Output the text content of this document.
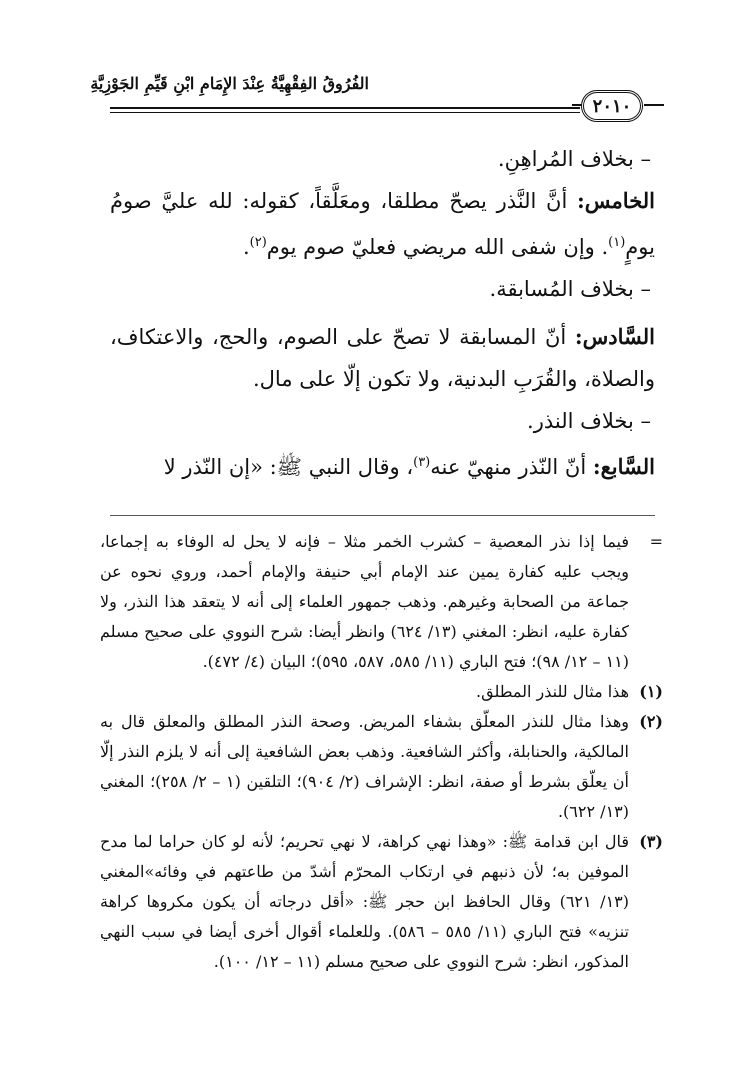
الفُرُوقُ الفِقْهِيَّةُ عِنْدَ الإِمَامِ ابْنِ قَيِّمِ الجَوْزِيَّةِ
٢٠١٠

– بخلاف المُراهِنِ.

الخامس: أنَّ النَّذر يصحّ مطلقا، ومعَلَّقاً، كقوله: لله عليَّ صومُ يومٍ$^{(١)}$. وإن شفى الله مريضي فعليّ صوم يوم$^{(٢)}$.

– بخلاف المُسابقة.

السَّادس: أنّ المسابقة لا تصحّ على الصوم، والحج، والاعتكاف، والصلاة، والقُرَبِ البدنية، ولا تكون إلّا على مال.

– بخلاف النذر.

السَّابع: أنّ النّذر منهيّ عنه$^{(٣)}$، وقال النبي ﷺ: «إن النّذر لا

=
فيما إذا نذر المعصية – كشرب الخمر مثلا – فإنه لا يحل له الوفاء به إجماعا، ويجب عليه كفارة يمين عند الإمام أبي حنيفة والإمام أحمد، وروي نحوه عن جماعة من الصحابة وغيرهم. وذهب جمهور العلماء إلى أنه لا يتعقد هذا النذر، ولا كفارة عليه، انظر: المغني (١٣/ ٦٢٤) وانظر أيضا: شرح النووي على صحيح مسلم (١١ – ١٢/ ٩٨)؛ فتح الباري (١١/ ٥٨٥، ٥٨٧، ٥٩٥)؛ البيان (٤/ ٤٧٢).
(١)
هذا مثال للنذر المطلق.
(٢)
وهذا مثال للنذر المعلّق بشفاء المريض. وصحة النذر المطلق والمعلق قال به المالكية، والحنابلة، وأكثر الشافعية. وذهب بعض الشافعية إلى أنه لا يلزم النذر إلّا أن يعلّق بشرط أو صفة، انظر: الإشراف (٢/ ٩٠٤)؛ التلقين (١ – ٢/ ٢٥٨)؛ المغني (١٣/ ٦٢٢).
(٣)
قال ابن قدامة ﷺ: «وهذا نهي كراهة، لا نهي تحريم؛ لأنه لو كان حراما لما مدح الموفين به؛ لأن ذنبهم في ارتكاب المحرّم أشدّ من طاعتهم في وفائه»المغني (١٣/ ٦٢١) وقال الحافظ ابن حجر ﷺ: «أقل درجاته أن يكون مكروها كراهة تنزيه» فتح الباري (١١/ ٥٨٥ – ٥٨٦). وللعلماء أقوال أخرى أيضا في سبب النهي المذكور، انظر: شرح النووي على صحيح مسلم (١١ – ١٢/ ١٠٠).
